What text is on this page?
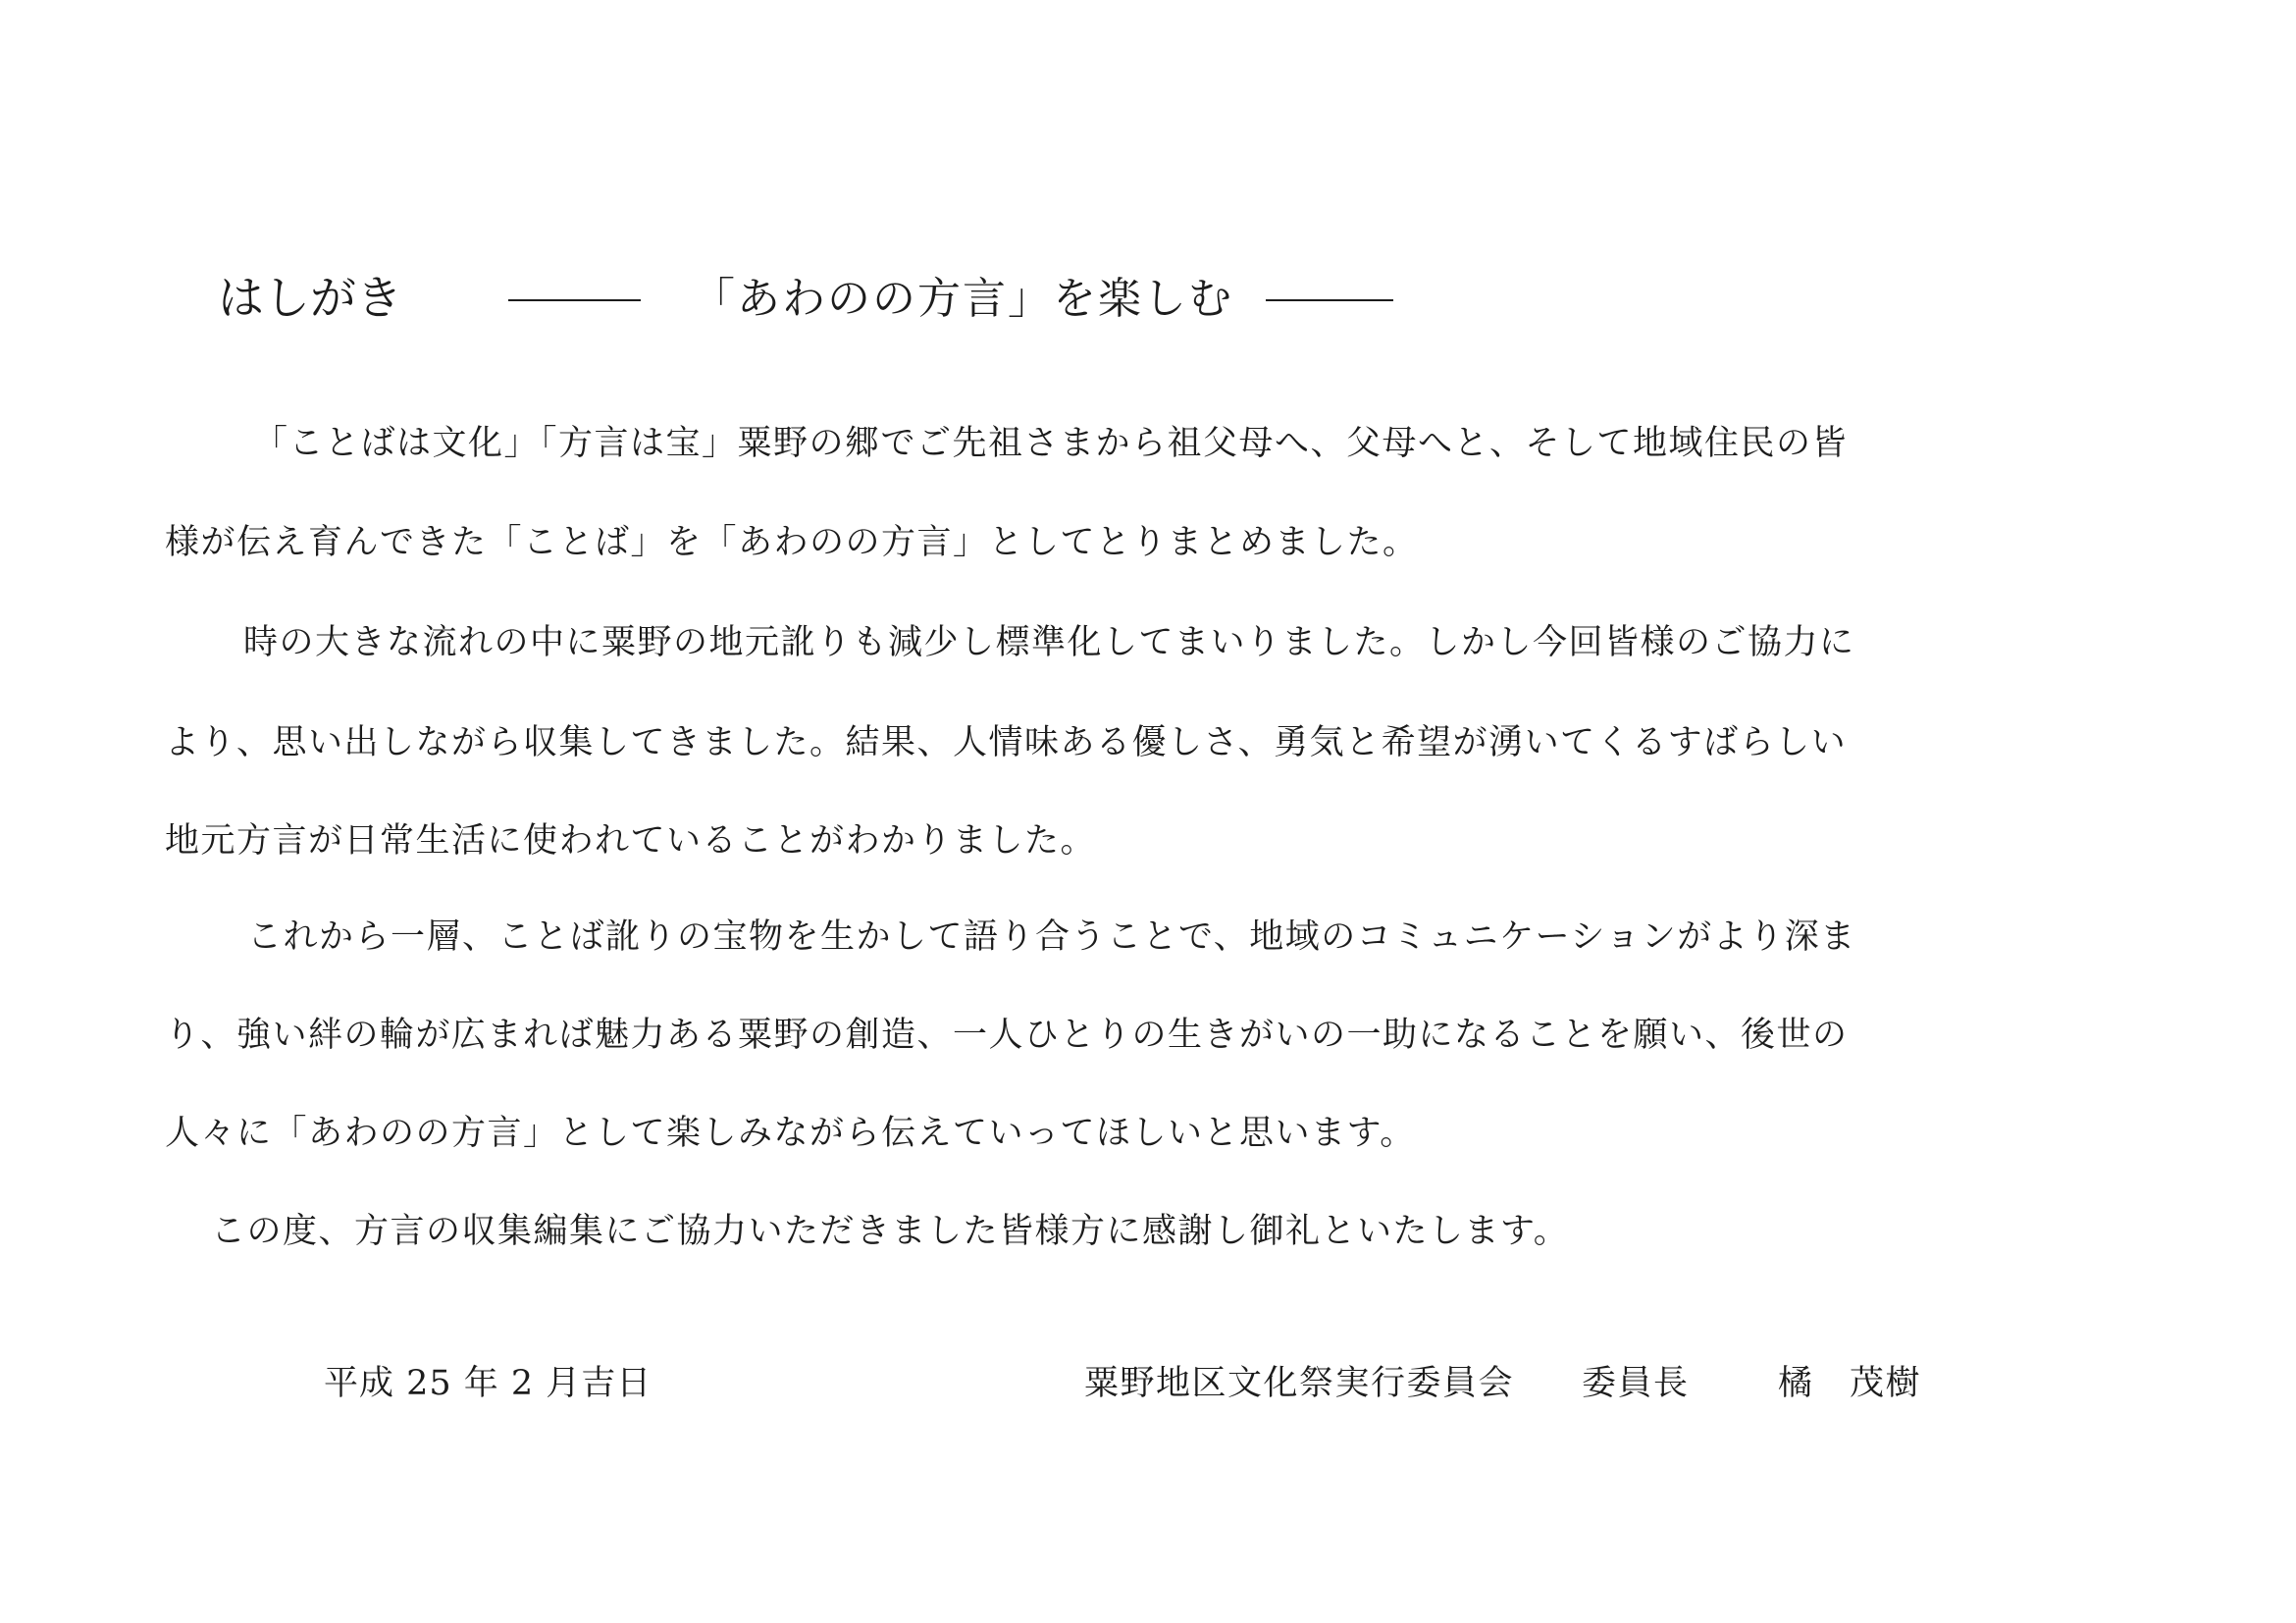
はしがき	「あわのの方言」を楽しむ
「ことばは文化」「方言は宝」粟野の郷でご先祖さまから祖父母へ、父母へと、そして地域住民の皆
様が伝え育んできた「ことば」を「あわのの方言」としてとりまとめました。
時の大きな流れの中に粟野の地元訛りも減少し標準化してまいりました。しかし今回皆様のご協力に
より、思い出しながら収集してきました。結果、人情味ある優しさ、勇気と希望が湧いてくるすばらしい
地元方言が日常生活に使われていることがわかりました。
これから一層、ことば訛りの宝物を生かして語り合うことで、地域のコミュニケーションがより深ま
り、強い絆の輪が広まれば魅力ある粟野の創造、一人ひとりの生きがいの一助になることを願い、後世の
人々に「あわのの方言」として楽しみながら伝えていってほしいと思います。
この度、方言の収集編集にご協力いただきました皆様方に感謝し御礼といたします。
平成 25 年 2 月吉日	粟野地区文化祭実行委員会 委員長	橘　茂樹
